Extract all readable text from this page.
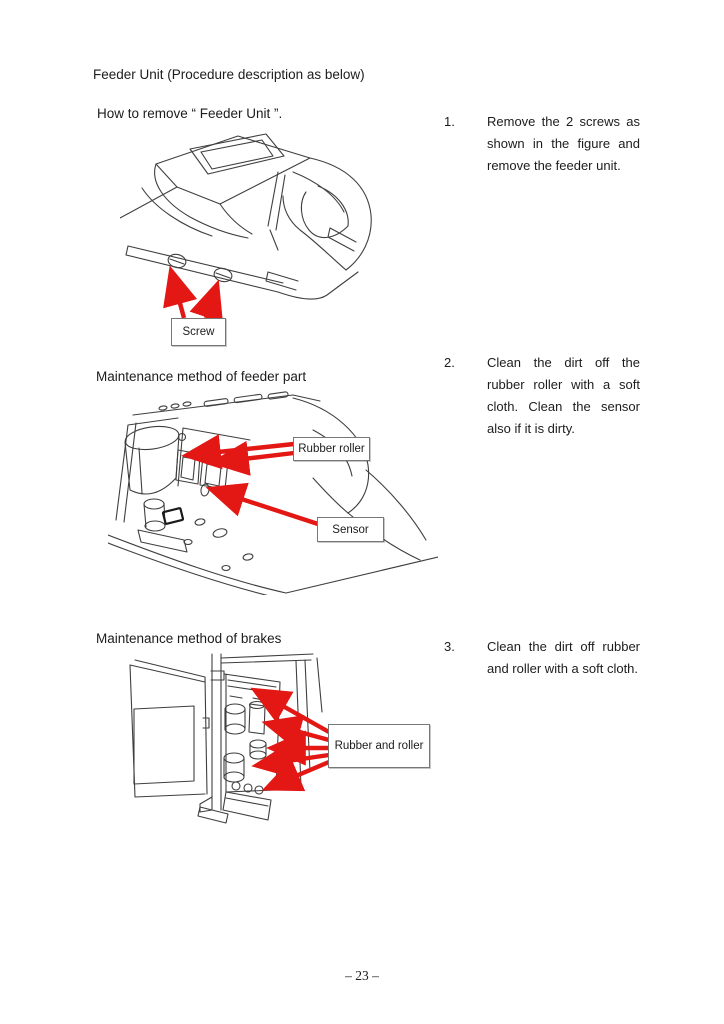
Feeder Unit (Procedure description as below)
How to remove “ Feeder Unit ”.
Screw
1. Remove the 2 screws as shown in the figure and remove the feeder unit.
Maintenance method of feeder part
Rubber roller
Sensor
2. Clean the dirt off the rubber roller with a soft cloth. Clean the sensor also if it is dirty.
Maintenance method of brakes
Rubber and roller
3. Clean the dirt off rubber and roller with a soft cloth.
– 23 –
